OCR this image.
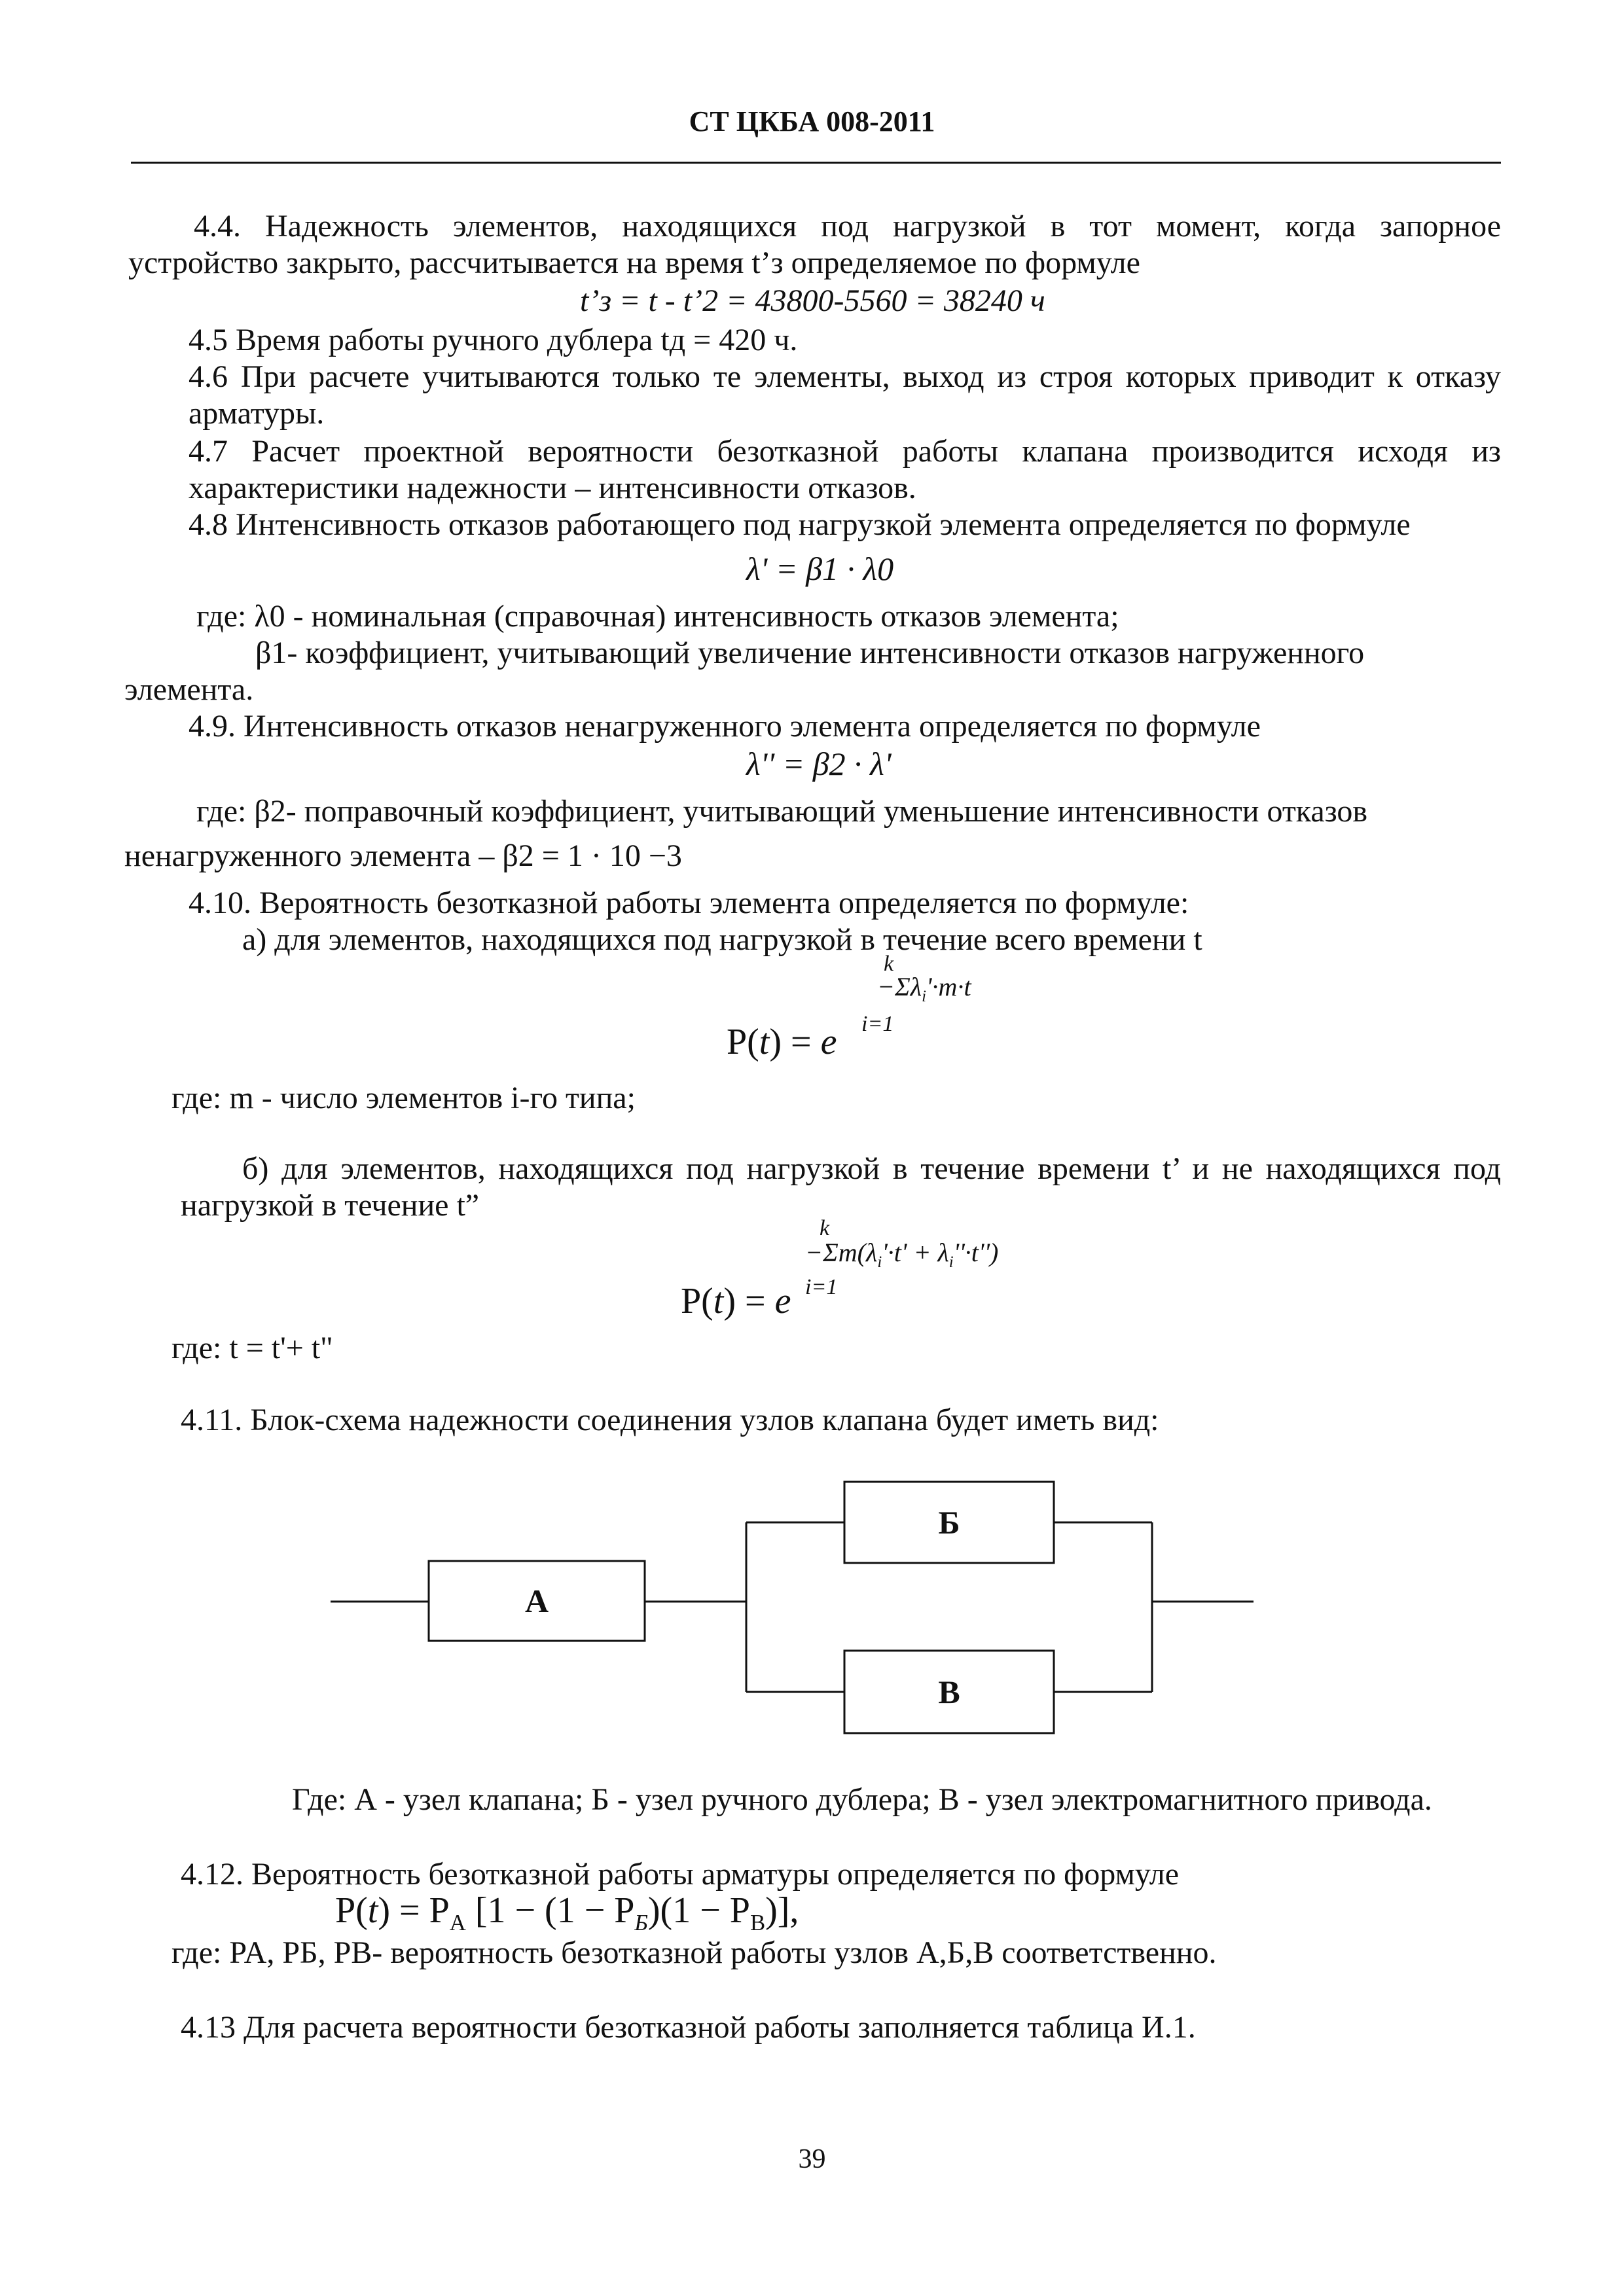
СТ ЦКБА 008-2011
4.4. Надежность элементов, находящихся под нагрузкой в тот момент, когда запорное
устройство закрыто, рассчитывается на время t’з определяемое по формуле
t’з = t - t’2 = 43800-5560 = 38240 ч
4.5 Время работы ручного дублера tд = 420 ч.
4.6 При расчете учитываются только те элементы, выход из строя которых приводит к отказу
арматуры.
4.7 Расчет проектной вероятности безотказной работы клапана производится исходя из
характеристики надежности – интенсивности отказов.
4.8 Интенсивность отказов работающего под нагрузкой элемента определяется по формуле
λ' = β1 · λ0
где: λ0 - номинальная (справочная) интенсивность отказов элемента;
β1- коэффициент, учитывающий увеличение интенсивности отказов нагруженного
элемента.
4.9. Интенсивность отказов ненагруженного элемента определяется по формуле
λ'' = β2 · λ'
где: β2- поправочный коэффициент, учитывающий уменьшение интенсивности отказов
ненагруженного элемента – β2 = 1 · 10 −3
4.10. Вероятность безотказной работы элемента определяется по формуле:
а) для элементов, находящихся под нагрузкой в течение всего времени t
P(t) = e
$-\Sigma\lambda_i'\cdot m\cdot t$
k
i=1
где: m - число элементов i-го типа;
б) для элементов, находящихся под нагрузкой в течение времени t’ и не находящихся под
нагрузкой в течение t”
P(t) = e
$-\Sigma m(\lambda_i'\cdot t' + \lambda_i''\cdot t'')$
k
i=1
где: t = t'+ t"
4.11. Блок-схема надежности соединения узлов клапана будет иметь вид:
А
Б
В
Где: А - узел клапана; Б - узел ручного дублера; В - узел электромагнитного привода.
4.12. Вероятность безотказной работы арматуры определяется по формуле
$P(t) = P_A$ $[1 - (1 - P_Б)(1 - P_В)]$,
где: PA, PБ, PВ- вероятность безотказной работы узлов А,Б,В соответственно.
4.13 Для расчета вероятности безотказной работы заполняется таблица И.1.
39
